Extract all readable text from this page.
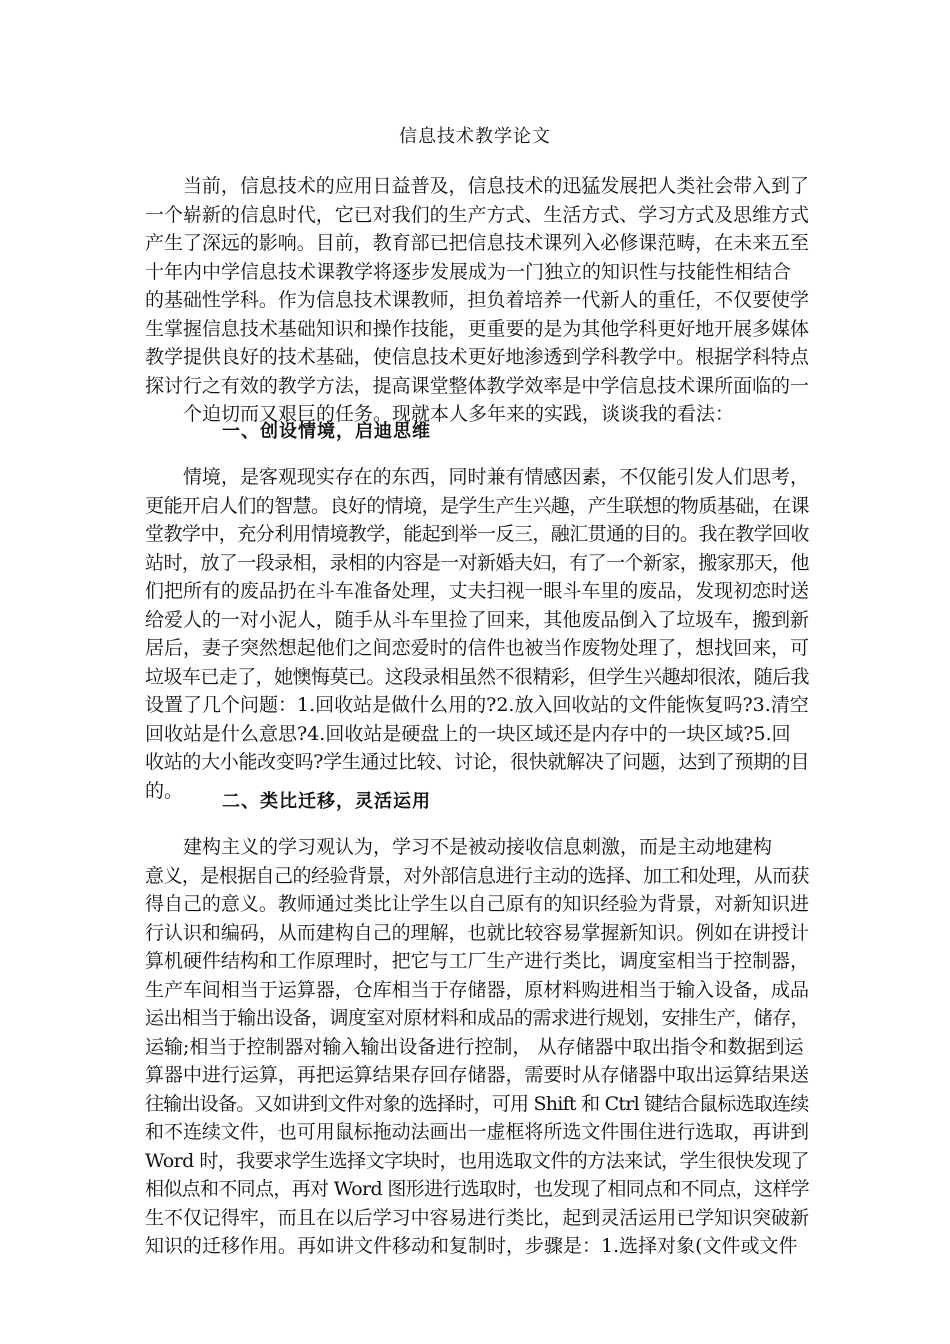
信息技术教学论文
　　当前，信息技术的应用日益普及，信息技术的迅猛发展把人类社会带入到了
一个崭新的信息时代，它已对我们的生产方式、生活方式、学习方式及思维方式
产生了深远的影响。目前，教育部已把信息技术课列入必修课范畴，在未来五至
十年内中学信息技术课教学将逐步发展成为一门独立的知识性与技能性相结合
的基础性学科。作为信息技术课教师，担负着培养一代新人的重任，不仅要使学
生掌握信息技术基础知识和操作技能，更重要的是为其他学科更好地开展多媒体
教学提供良好的技术基础，使信息技术更好地渗透到学科教学中。根据学科特点
探讨行之有效的教学方法，提高课堂整体教学效率是中学信息技术课所面临的一
　　个迫切而又艰巨的任务。现就本人多年来的实践，谈谈我的看法：
一、创设情境，启迪思维
　　情境，是客观现实存在的东西，同时兼有情感因素，不仅能引发人们思考，
更能开启人们的智慧。良好的情境，是学生产生兴趣，产生联想的物质基础，在课
堂教学中，充分利用情境教学，能起到举一反三，融汇贯通的目的。我在教学回收
站时，放了一段录相，录相的内容是一对新婚夫妇，有了一个新家，搬家那天，他
们把所有的废品扔在斗车准备处理，丈夫扫视一眼斗车里的废品，发现初恋时送
给爱人的一对小泥人，随手从斗车里捡了回来，其他废品倒入了垃圾车，搬到新
居后，妻子突然想起他们之间恋爱时的信件也被当作废物处理了，想找回来，可
垃圾车已走了，她懊悔莫已。这段录相虽然不很精彩，但学生兴趣却很浓，随后我
设置了几个问题：1.回收站是做什么用的?2.放入回收站的文件能恢复吗?3.清空
回收站是什么意思?4.回收站是硬盘上的一块区域还是内存中的一块区域?5.回
收站的大小能改变吗?学生通过比较、讨论，很快就解决了问题，达到了预期的目
的。	二、类比迁移，灵活运用
　　建构主义的学习观认为，学习不是被动接收信息刺激，而是主动地建构
意义，是根据自己的经验背景，对外部信息进行主动的选择、加工和处理，从而获
得自己的意义。教师通过类比让学生以自己原有的知识经验为背景，对新知识进
行认识和编码，从而建构自己的理解，也就比较容易掌握新知识。例如在讲授计
算机硬件结构和工作原理时，把它与工厂生产进行类比，调度室相当于控制器，
生产车间相当于运算器，仓库相当于存储器，原材料购进相当于输入设备，成品
运出相当于输出设备，调度室对原材料和成品的需求进行规划，安排生产，储存，
运输;相当于控制器对输入输出设备进行控制， 从存储器中取出指令和数据到运
算器中进行运算，再把运算结果存回存储器，需要时从存储器中取出运算结果送
往输出设备。又如讲到文件对象的选择时，可用 Shift 和 Ctrl 键结合鼠标选取连续
和不连续文件，也可用鼠标拖动法画出一虚框将所选文件围住进行选取，再讲到
Word 时，我要求学生选择文字块时，也用选取文件的方法来试，学生很快发现了
相似点和不同点，再对 Word 图形进行选取时，也发现了相同点和不同点，这样学
生不仅记得牢，而且在以后学习中容易进行类比，起到灵活运用已学知识突破新
知识的迁移作用。再如讲文件移动和复制时，步骤是：1.选择对象(文件或文件
